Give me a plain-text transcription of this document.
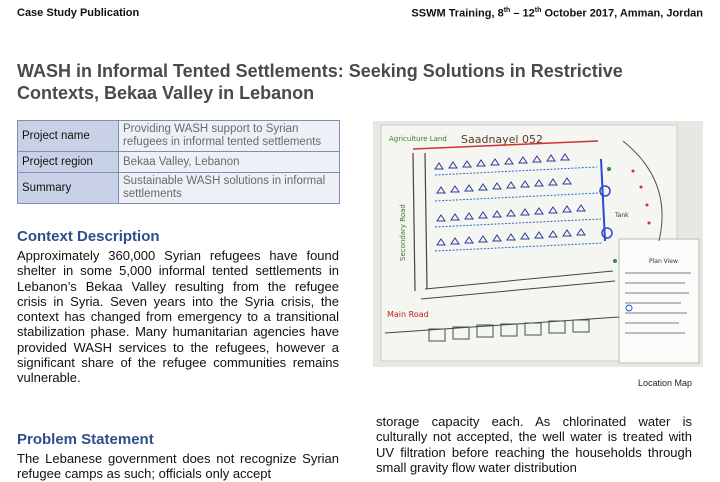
Case Study Publication	SSWM Training, 8th – 12th October 2017, Amman, Jordan
WASH in Informal Tented Settlements: Seeking Solutions in Restrictive Contexts, Bekaa Valley in Lebanon
Project name	Providing WASH support to Syrian refugees in informal tented settlements
Project region	Bekaa Valley, Lebanon
Summary	Sustainable WASH solutions in informal settlements
Context Description
Approximately 360,000 Syrian refugees have found shelter in some 5,000 informal tented settlements in Lebanon’s Bekaa Valley resulting from the refugee crisis in Syria. Seven years into the Syria crisis, the context has changed from emergency to a transitional stabilization phase. Many humanitarian agencies have provided WASH services to the refugees, however a significant share of the refugee communities remains vulnerable.
Problem Statement
The Lebanese government does not recognize Syrian refugee camps as such; officials only accept
Plan View
Agriculture Land Saadnayel 052
Secondary Road	Tank
Main Road
Location Map
storage capacity each. As chlorinated water is culturally not accepted, the well water is treated with UV filtration before reaching the households through small gravity flow water distribution
